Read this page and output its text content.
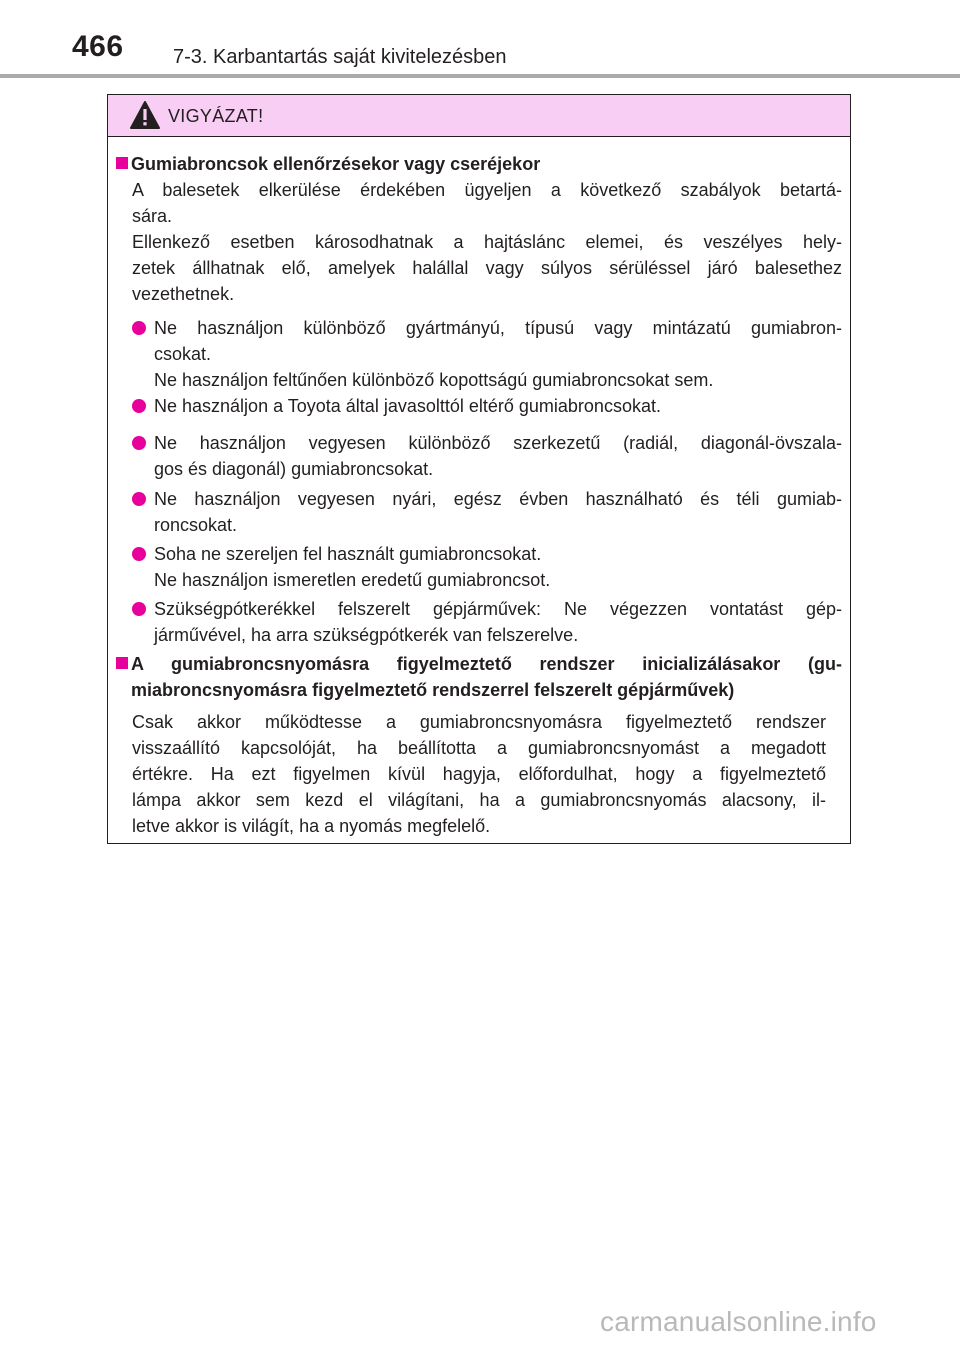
466 7-3. Karbantartás saját kivitelezésben
VIGYÁZAT!
Gumiabroncsok ellenőrzésekor vagy cseréjekor
A balesetek elkerülése érdekében ügyeljen a következő szabályok betartá-
sára.
Ellenkező esetben károsodhatnak a hajtáslánc elemei, és veszélyes hely-
zetek állhatnak elő, amelyek halállal vagy súlyos sérüléssel járó balesethez
vezethetnek.
Ne használjon különböző gyártmányú, típusú vagy mintázatú gumiabron-
csokat.
Ne használjon feltűnően különböző kopottságú gumiabroncsokat sem.
Ne használjon a Toyota által javasolttól eltérő gumiabroncsokat.
Ne használjon vegyesen különböző szerkezetű (radiál, diagonál-övszala-
gos és diagonál) gumiabroncsokat.
Ne használjon vegyesen nyári, egész évben használható és téli gumiab-
roncsokat.
Soha ne szereljen fel használt gumiabroncsokat.
Ne használjon ismeretlen eredetű gumiabroncsot.
Szükségpótkerékkel felszerelt gépjárművek: Ne végezzen vontatást gép-
járművével, ha arra szükségpótkerék van felszerelve.
A gumiabroncsnyomásra figyelmeztető rendszer inicializálásakor (gu-
miabroncsnyomásra figyelmeztető rendszerrel felszerelt gépjárművek)
Csak akkor működtesse a gumiabroncsnyomásra figyelmeztető rendszer
visszaállító kapcsolóját, ha beállította a gumiabroncsnyomást a megadott
értékre. Ha ezt figyelmen kívül hagyja, előfordulhat, hogy a figyelmeztető
lámpa akkor sem kezd el világítani, ha a gumiabroncsnyomás alacsony, il-
letve akkor is világít, ha a nyomás megfelelő.
carmanualsonline.info
